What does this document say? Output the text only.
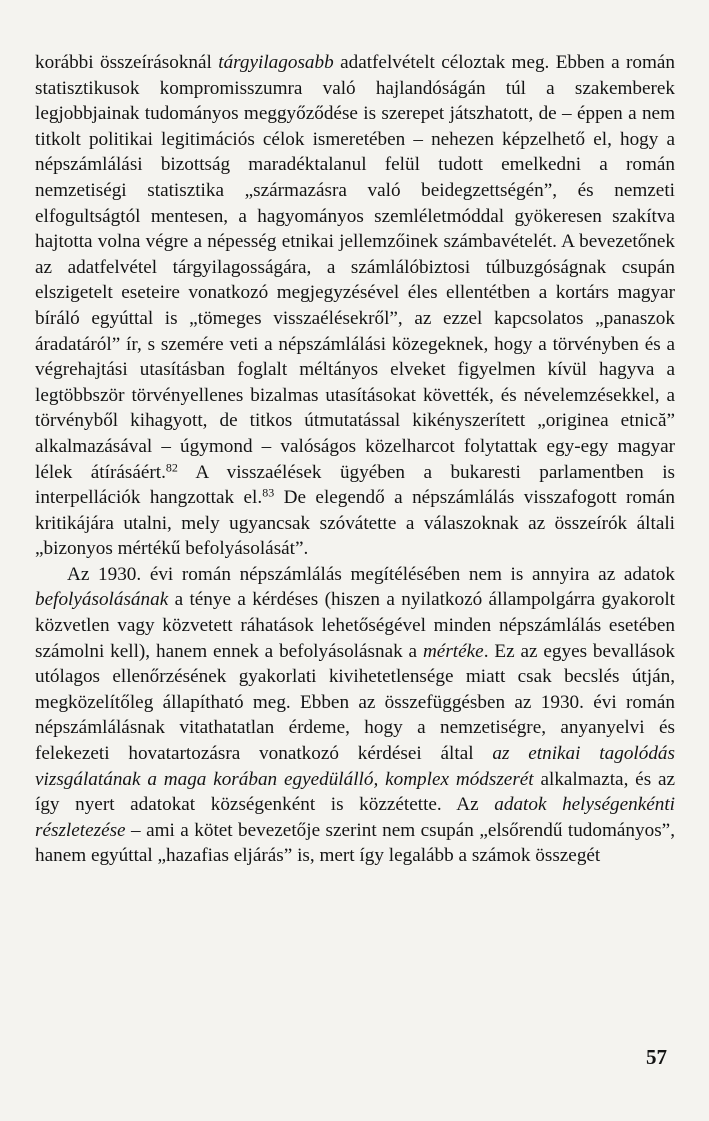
korábbi összeírásoknál tárgyilagosabb adatfelvételt céloztak meg. Ebben a román statisztikusok kompromisszumra való hajlandóságán túl a szakemberek legjobbjainak tudományos meggyőződése is szerepet játszhatott, de – éppen a nem titkolt politikai legitimációs célok ismeretében – nehezen képzelhető el, hogy a népszámlálási bizottság maradéktalanul felül tudott emelkedni a román nemzetiségi statisztika „származásra való beidegzettségén”, és nemzeti elfogultságtól mentesen, a hagyományos szemléletmóddal gyökeresen szakítva hajtotta volna végre a népesség etnikai jellemzőinek számbavételét. A bevezetőnek az adatfelvétel tárgyilagosságára, a számlálóbiztosi túlbuzgóságnak csupán elszigetelt eseteire vonatkozó megjegyzésével éles ellentétben a kortárs magyar bíráló egyúttal is „tömeges visszaélésekről”, az ezzel kapcsolatos „panaszok áradatáról” ír, s szemére veti a népszámlálási közegeknek, hogy a törvényben és a végrehajtási utasításban foglalt méltányos elveket figyelmen kívül hagyva a legtöbbször törvényellenes bizalmas utasításokat követték, és névelemzésekkel, a törvényből kihagyott, de titkos útmutatással kikényszerített „originea etnică” alkalmazásával – úgymond – valóságos közelharcot folytattak egy-egy magyar lélek átírásáért.$^{82}$ A visszaélések ügyében a bukaresti parlamentben is interpellációk hangzottak el.$^{83}$ De elegendő a népszámlálás visszafogott román kritikájára utalni, mely ugyancsak szóvátette a válaszoknak az összeírók általi „bizonyos mértékű befolyásolását”.

Az 1930. évi román népszámlálás megítélésében nem is annyira az adatok befolyásolásának a ténye a kérdéses (hiszen a nyilatkozó állampolgárra gyakorolt közvetlen vagy közvetett ráhatások lehetőségével minden népszámlálás esetében számolni kell), hanem ennek a befolyásolásnak a mértéke. Ez az egyes bevallások utólagos ellenőrzésének gyakorlati kivihetetlensége miatt csak becslés útján, megközelítőleg állapítható meg. Ebben az összefüggésben az 1930. évi román népszámlálásnak vitathatatlan érdeme, hogy a nemzetiségre, anyanyelvi és felekezeti hovatartozásra vonatkozó kérdései által az etnikai tagolódás vizsgálatának a maga korában egyedülálló, komplex módszerét alkalmazta, és az így nyert adatokat községenként is közzétette. Az adatok helységenkénti részletezése – ami a kötet bevezetője szerint nem csupán „elsőrendű tudományos”, hanem egyúttal „hazafias eljárás” is, mert így legalább a számok összegét

57
